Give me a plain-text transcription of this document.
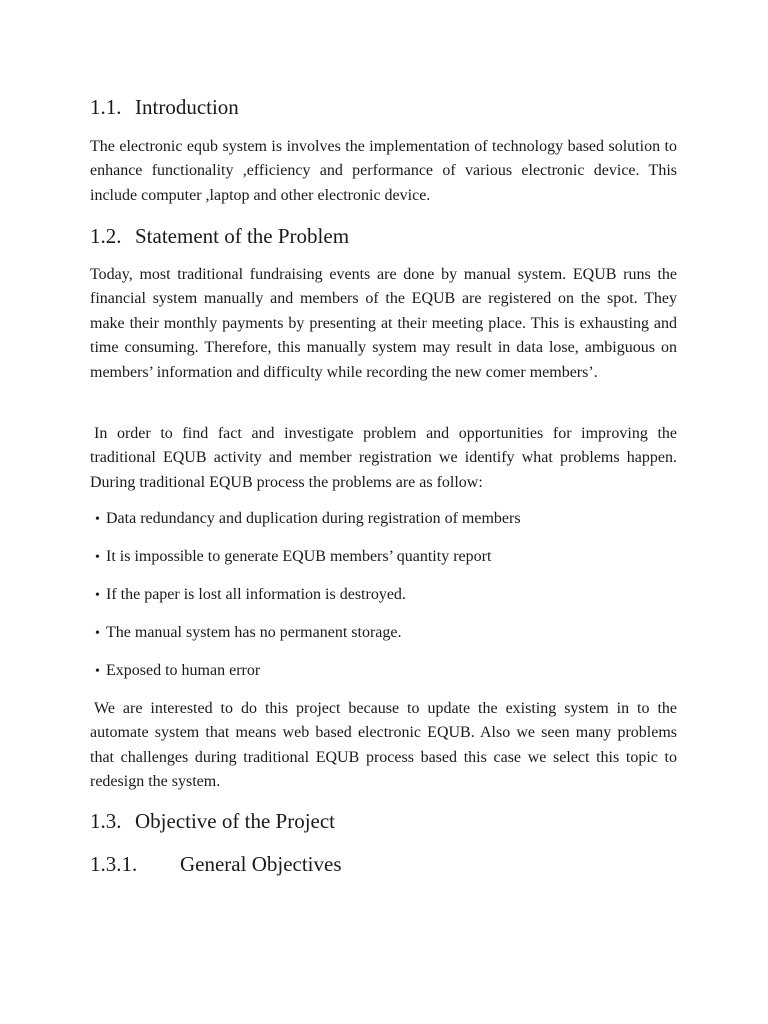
1.1. Introduction

The electronic equb system is involves the implementation of technology based solution to enhance functionality ,efficiency and performance of various electronic device. This include computer ,laptop and other electronic device.

1.2. Statement of the Problem

Today, most traditional fundraising events are done by manual system. EQUB runs the financial system manually and members of the EQUB are registered on the spot. They make their monthly payments by presenting at their meeting place. This is exhausting and time consuming. Therefore, this manually system may result in data lose, ambiguous on members’ information and difficulty while recording the new comer members’.

In order to find fact and investigate problem and opportunities for improving the traditional EQUB activity and member registration we identify what problems happen. During traditional EQUB process the problems are as follow:

• Data redundancy and duplication during registration of members

• It is impossible to generate EQUB members’ quantity report

• If the paper is lost all information is destroyed.

• The manual system has no permanent storage.

• Exposed to human error

We are interested to do this project because to update the existing system in to the automate system that means web based electronic EQUB. Also we seen many problems that challenges during traditional EQUB process based this case we select this topic to redesign the system.

1.3. Objective of the Project
1.3.1. General Objectives
